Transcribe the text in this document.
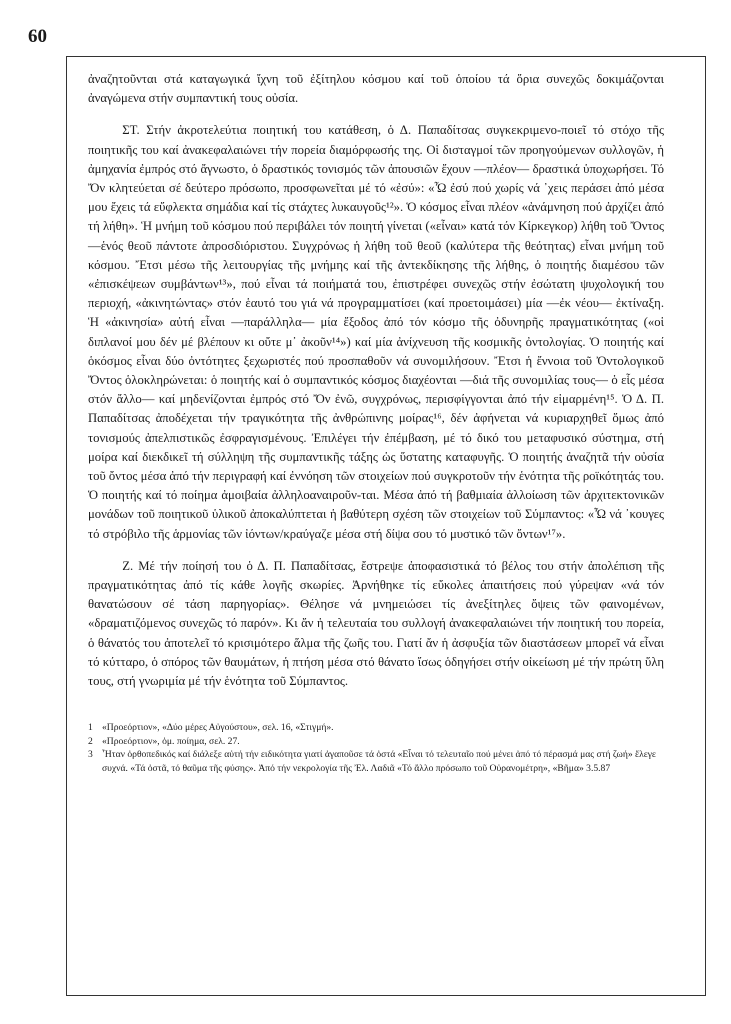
60

ἀναζητοῦνται στά καταγωγικά ἴχνη τοῦ ἐξίτηλου κόσμου καί τοῦ ὁποίου τά ὅρια συνεχῶς δοκιμάζονται ἀναγώμενα στήν συμπαντική τους οὐσία.

ΣΤ. Στήν ἀκροτελεύτια ποιητική του κατάθεση, ὁ Δ. Παπαδίτσας συγκεκριμενο-ποιεῖ τό στόχο τῆς ποιητικῆς του καί ἀνακεφαλαιώνει τήν πορεία διαμόρφωσής της. Οἱ δισταγμοί τῶν προηγούμενων συλλογῶν, ἡ ἀμηχανία ἐμπρός στό ἄγνωστο, ὁ δραστικός τονισμός τῶν ἀπουσιῶν ἔχουν —πλέον— δραστικά ὑποχωρήσει. Τό Ὄν κλητεύεται σέ δεύτερο πρόσωπο, προσφωνεῖται μέ τό «ἐσύ»: «Ὦ ἐσύ πού χωρίς νά ᾽χεις περάσει ἀπό μέσα μου ἔχεις τά εὔφλεκτα σημάδια καί τίς στάχτες λυκαυγοῦς¹²». Ὁ κόσμος εἶναι πλέον «ἀνάμνηση πού ἀρχίζει ἀπό τή λήθη». Ἡ μνήμη τοῦ κόσμου πού περιβάλει τόν ποιητή γίνεται («εἶναι» κατά τόν Κίρκεγκορ) λήθη τοῦ Ὄντος —ἑνός θεοῦ πάντοτε ἀπροσδιόριστου. Συγχρόνως ἡ λήθη τοῦ θεοῦ (καλύτερα τῆς θεότητας) εἶναι μνήμη τοῦ κόσμου. Ἔτσι μέσω τῆς λειτουργίας τῆς μνήμης καί τῆς ἀντεκδίκησης τῆς λήθης, ὁ ποιητής διαμέσου τῶν «ἐπισκέψεων συμβάντων¹³», πού εἶναι τά ποιήματά του, ἐπιστρέφει συνεχῶς στήν ἐσώτατη ψυχολογική του περιοχή, «ἀκινητώντας» στόν ἑαυτό του γιά νά προγραμματίσει (καί προετοιμάσει) μία —ἐκ νέου— ἐκτίναξη. Ἡ «ἀκινησία» αὐτή εἶναι —παράλληλα— μία ἔξοδος ἀπό τόν κόσμο τῆς ὀδυνηρῆς πραγματικότητας («οἱ διπλανοί μου δέν μέ βλέπουν κι οὔτε μ᾽ ἀκοῦν¹⁴») καί μία ἀνίχνευση τῆς κοσμικῆς ὀντολογίας. Ὁ ποιητής καί ὁκόσμος εἶναι δύο ὀντότητες ξεχωριστές πού προσπαθοῦν νά συνομιλήσουν. Ἔτσι ἡ ἔννοια τοῦ Ὀντολογικοῦ Ὄντος ὁλοκληρώνεται: ὁ ποιητής καί ὁ συμπαντικός κόσμος διαχέονται —διά τῆς συνομιλίας τους— ὁ εἷς μέσα στόν ἄλλο— καί μηδενίζονται ἐμπρός στό Ὄν ἐνῶ, συγχρόνως, περισφίγγονται ἀπό τήν εἱμαρμένη¹⁵. Ὁ Δ. Π. Παπαδίτσας ἀποδέχεται τήν τραγικότητα τῆς ἀνθρώπινης μοίρας¹⁶, δέν ἀφήνεται νά κυριαρχηθεῖ ὅμως ἀπό τονισμούς ἀπελπιστικῶς ἐσφραγισμένους. Ἐπιλέγει τήν ἐπέμβαση, μέ τό δικό του μεταφυσικό σύστημα, στή μοίρα καί διεκδικεῖ τή σύλληψη τῆς συμπαντικῆς τάξης ὡς ὕστατης καταφυγῆς. Ὁ ποιητής ἀναζητᾶ τήν οὐσία τοῦ ὄντος μέσα ἀπό τήν περιγραφή καί ἐννόηση τῶν στοιχείων πού συγκροτοῦν τήν ἑνότητα τῆς ροϊκότητάς του. Ὁ ποιητής καί τό ποίημα ἀμοιβαία ἀλληλοαναιροῦν-ται. Μέσα ἀπό τή βαθμιαία ἀλλοίωση τῶν ἀρχιτεκτονικῶν μονάδων τοῦ ποιητικοῦ ὑλικοῦ ἀποκαλύπτεται ἡ βαθύτερη σχέση τῶν στοιχείων τοῦ Σύμπαντος: «Ὦ νά ᾽κουγες τό στρόβιλο τῆς ἁρμονίας τῶν ἰόντων/κραύγαζε μέσα στή δίψα σου τό μυστικό τῶν ὄντων¹⁷».

Ζ. Μέ τήν ποίησή του ὁ Δ. Π. Παπαδίτσας, ἔστρεψε ἀποφασιστικά τό βέλος του στήν ἀπολέπιση τῆς πραγματικότητας ἀπό τίς κάθε λογῆς σκωρίες. Ἀρνήθηκε τίς εὔκολες ἀπαιτήσεις πού γύρεψαν «νά τόν θανατώσουν σέ τάση παρηγορίας». Θέλησε νά μνημειώσει τίς ἀνεξίτηλες ὄψεις τῶν φαινομένων, «δραματιζόμενος συνεχῶς τό παρόν». Κι ἄν ἡ τελευταία του συλλογή ἀνακεφαλαιώνει τήν ποιητική του πορεία, ὁ θάνατός του ἀποτελεῖ τό κρισιμότερο ἅλμα τῆς ζωῆς του. Γιατί ἄν ἡ ἀσφυξία τῶν διαστάσεων μπορεῖ νά εἶναι τό κύτταρο, ὁ σπόρος τῶν θαυμάτων, ἡ πτήση μέσα στό θάνατο ἴσως ὁδηγήσει στήν οἰκείωση μέ τήν πρώτη ὕλη τους, στή γνωριμία μέ τήν ἑνότητα τοῦ Σύμπαντος.

1 «Προεόρτιον», «Δύο μέρες Αὐγούστου», σελ. 16, «Στιγμή».
2 «Προεόρτιον», ὁμ. ποίημα, σελ. 27.
3 Ἦταν ὀρθοπεδικός καί διάλεξε αὐτή τήν ειδικότητα γιατί ἀγαποῦσε τά ὀστά «Εἶναι τό τελευταῖο πού μένει ἀπό τό πέρασμά μας στή ζωή» ἔλεγε συχνά. «Τά ὀστᾶ, τό θαῦμα τῆς φύσης». Ἀπό τήν νεκρολογία τῆς Ἐλ. Λαδιᾶ «Τό ἄλλο πρόσωπο τοῦ Οὐρανομέτρη», «Βῆμα» 3.5.87
